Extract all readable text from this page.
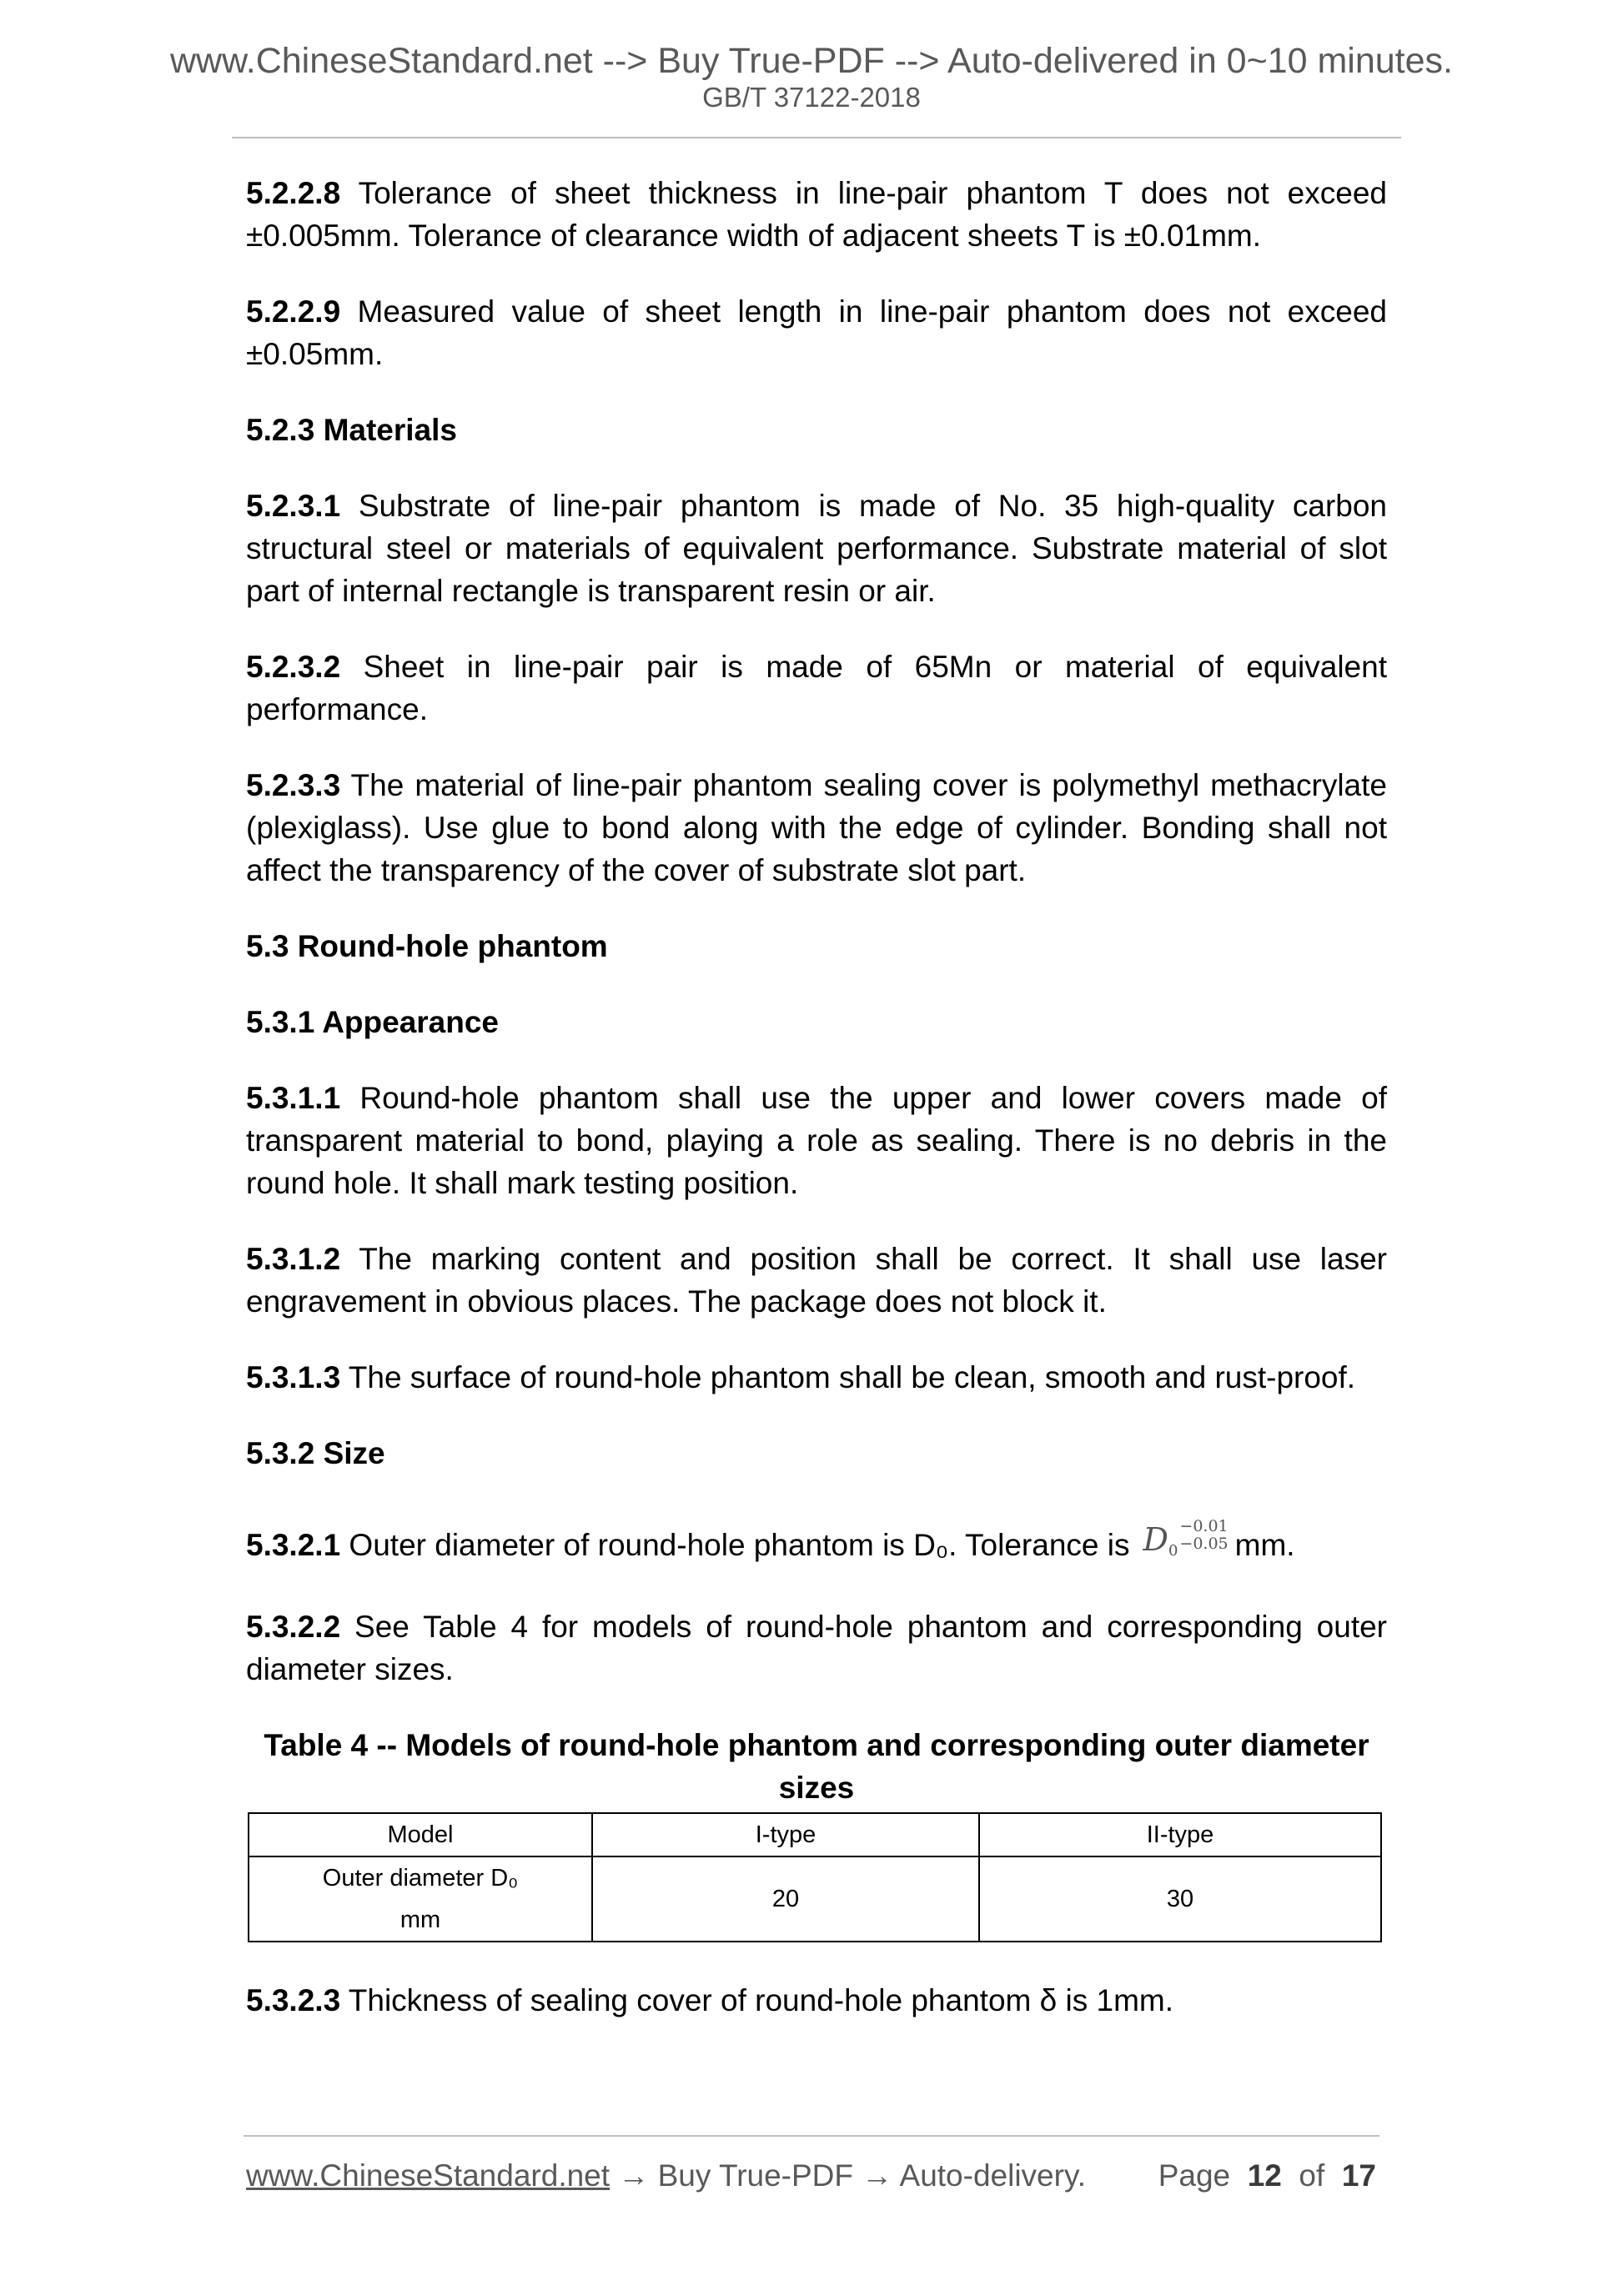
www.ChineseStandard.net --> Buy True-PDF --> Auto-delivered in 0~10 minutes.
GB/T 37122-2018

5.2.2.8 Tolerance of sheet thickness in line-pair phantom T does not exceed ±0.005mm. Tolerance of clearance width of adjacent sheets T is ±0.01mm.

5.2.2.9 Measured value of sheet length in line-pair phantom does not exceed ±0.05mm.

5.2.3 Materials

5.2.3.1 Substrate of line-pair phantom is made of No. 35 high-quality carbon structural steel or materials of equivalent performance. Substrate material of slot part of internal rectangle is transparent resin or air.

5.2.3.2 Sheet in line-pair pair is made of 65Mn or material of equivalent performance.

5.2.3.3 The material of line-pair phantom sealing cover is polymethyl methacrylate (plexiglass). Use glue to bond along with the edge of cylinder. Bonding shall not affect the transparency of the cover of substrate slot part.

5.3 Round-hole phantom
5.3.1 Appearance

5.3.1.1 Round-hole phantom shall use the upper and lower covers made of transparent material to bond, playing a role as sealing. There is no debris in the round hole. It shall mark testing position.

5.3.1.2 The marking content and position shall be correct. It shall use laser engravement in obvious places. The package does not block it.

5.3.1.3 The surface of round-hole phantom shall be clean, smooth and rust-proof.

5.3.2 Size

5.3.2.1 Outer diameter of round-hole phantom is D₀. Tolerance is $D_0-0.01$
−0.05 mm.

5.3.2.2 See Table 4 for models of round-hole phantom and corresponding outer diameter sizes.

Table 4 -- Models of round-hole phantom and corresponding outer diameter sizes
Model	I-type	II-type
Outer diameter D₀
mm	20	30

5.3.2.3 Thickness of sealing cover of round-hole phantom δ is 1mm.

www.ChineseStandard.net → Buy True-PDF → Auto-delivery. Page 12 of 17
